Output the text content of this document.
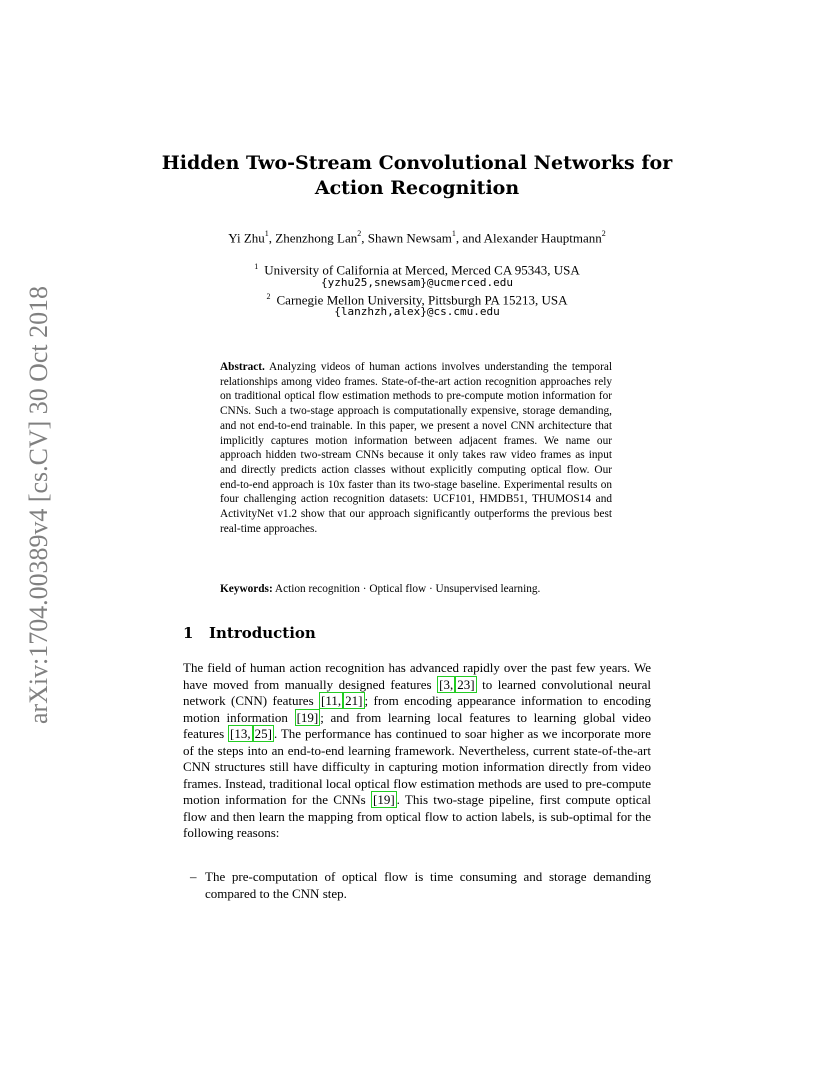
arXiv:1704.00389v4 [cs.CV] 30 Oct 2018
Hidden Two-Stream Convolutional Networks for
Action Recognition
Yi Zhu$^1$, Zhenzhong Lan$^2$, Shawn Newsam$^1$, and Alexander Hauptmann$^2$
$^1$ University of California at Merced, Merced CA 95343, USA
{yzhu25,snewsam}@ucmerced.edu
$^2$ Carnegie Mellon University, Pittsburgh PA 15213, USA
{lanzhzh,alex}@cs.cmu.edu
Abstract. Analyzing videos of human actions involves understanding the temporal relationships among video frames. State-of-the-art action recognition approaches rely on traditional optical flow estimation methods to pre-compute motion information for CNNs. Such a two-stage approach is computationally expensive, storage demanding, and not end-to-end trainable. In this paper, we present a novel CNN architecture that implicitly captures motion information between adjacent frames. We name our approach hidden two-stream CNNs because it only takes raw video frames as input and directly predicts action classes without explicitly computing optical flow. Our end-to-end approach is 10x faster than its two-stage baseline. Experimental results on four challenging action recognition datasets: UCF101, HMDB51, THUMOS14 and ActivityNet v1.2 show that our approach significantly outperforms the previous best real-time approaches.
Keywords: Action recognition · Optical flow · Unsupervised learning.
1 Introduction
The field of human action recognition has advanced rapidly over the past few years. We have moved from manually designed features [3, 23] to learned convolutional neural network (CNN) features [11, 21] ; from encoding appearance information to encoding motion information [19] ; and from learning local features to learning global video features [13, 25] . The performance has continued to soar higher as we incorporate more of the steps into an end-to-end learning framework. Nevertheless, current state-of-the-art CNN structures still have difficulty in capturing motion information directly from video frames. Instead, traditional local optical flow estimation methods are used to pre-compute motion information for the CNNs [19] . This two-stage pipeline, first compute optical flow and then learn the mapping from optical flow to action labels, is sub-optimal for the following reasons:
– The pre-computation of optical flow is time consuming and storage demanding compared to the CNN step.
